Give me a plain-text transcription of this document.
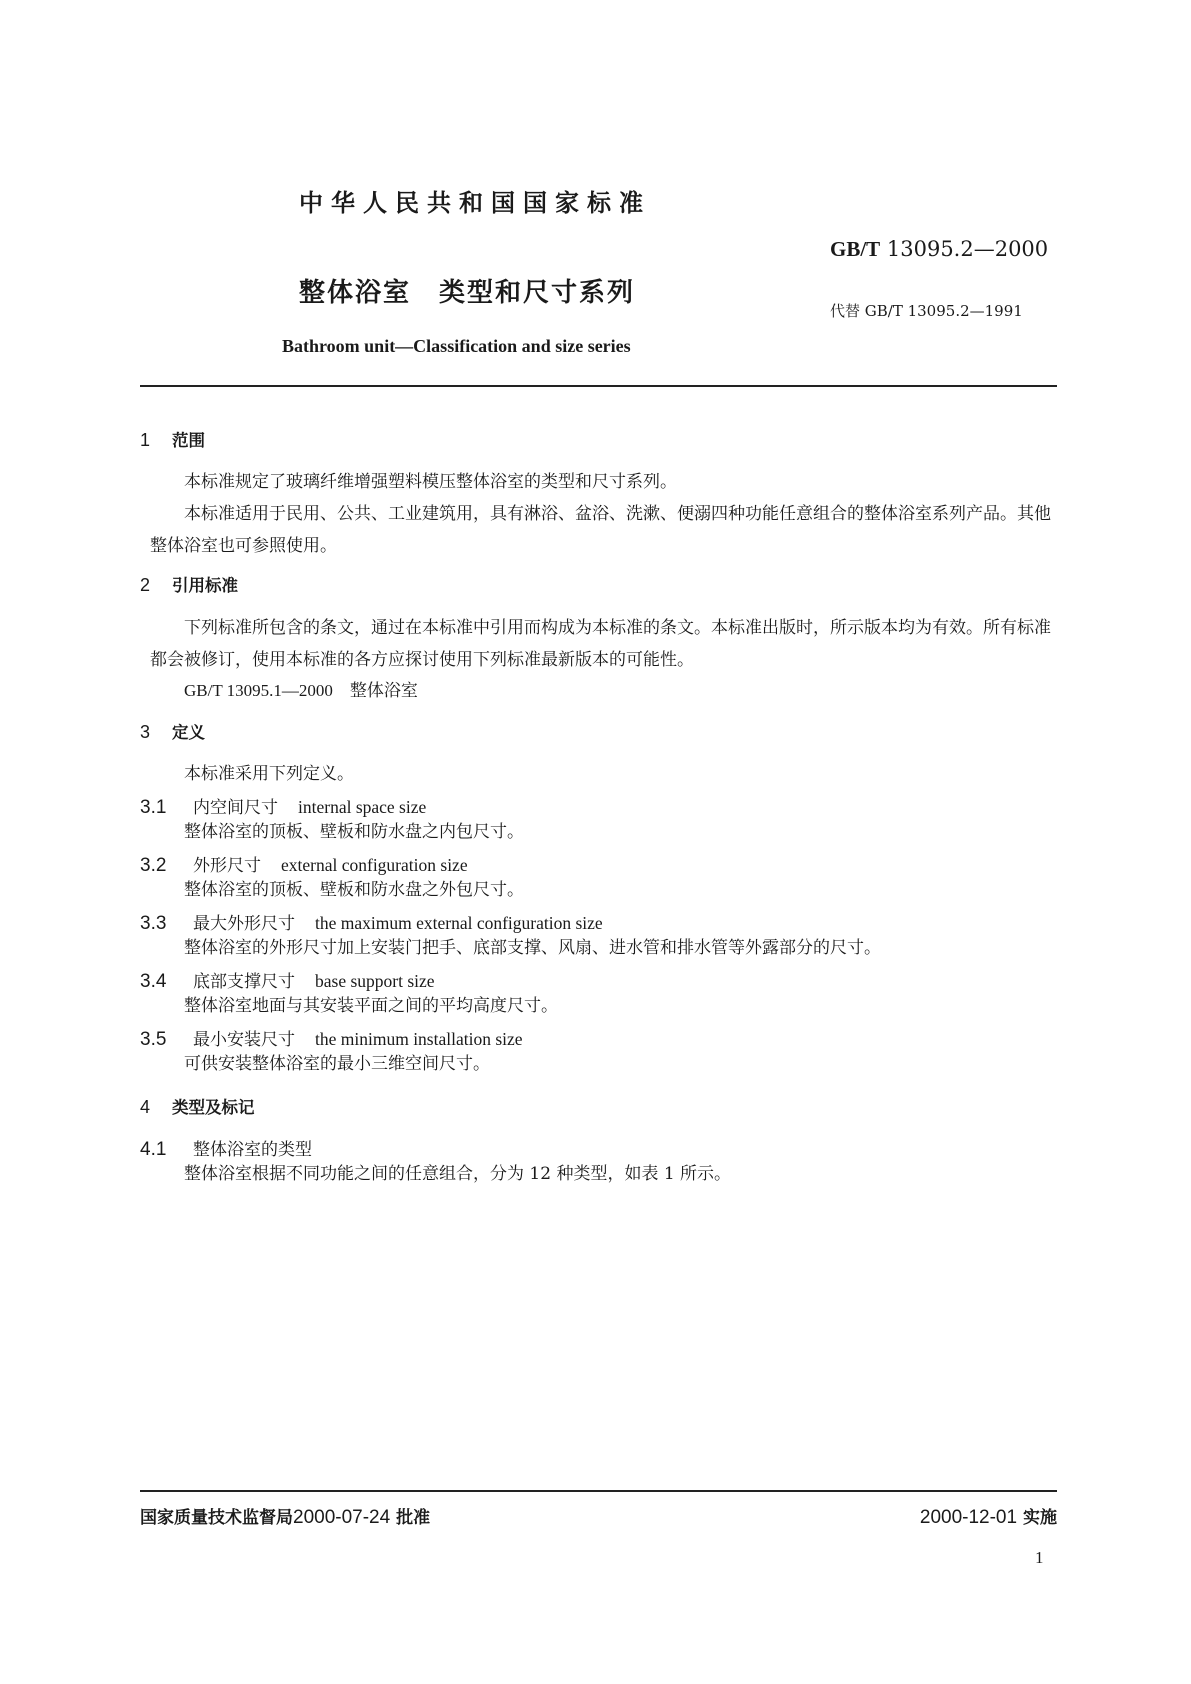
中华人民共和国国家标准
GB/T 13095.2—2000
整体浴室　类型和尺寸系列
代替 GB/T 13095.2—1991
Bathroom unit—Classification and size series
1 范围
本标准规定了玻璃纤维增强塑料模压整体浴室的类型和尺寸系列。
本标准适用于民用、公共、工业建筑用，具有淋浴、盆浴、洗漱、便溺四种功能任意组合的整体浴室系列产品。其他整体浴室也可参照使用。
2 引用标准
下列标准所包含的条文，通过在本标准中引用而构成为本标准的条文。本标准出版时，所示版本均为有效。所有标准都会被修订，使用本标准的各方应探讨使用下列标准最新版本的可能性。
GB/T 13095.1—2000　 整体浴室
3 定义
本标准采用下列定义。
3.1 内空间尺寸 internal space size
整体浴室的顶板、壁板和防水盘之内包尺寸。
3.2 外形尺寸 external configuration size
整体浴室的顶板、壁板和防水盘之外包尺寸。
3.3 最大外形尺寸 the maximum external configuration size
整体浴室的外形尺寸加上安装门把手、底部支撑、风扇、进水管和排水管等外露部分的尺寸。
3.4 底部支撑尺寸 base support size
整体浴室地面与其安装平面之间的平均高度尺寸。
3.5 最小安装尺寸 the minimum installation size
可供安装整体浴室的最小三维空间尺寸。
4 类型及标记
4.1 整体浴室的类型
整体浴室根据不同功能之间的任意组合，分为 12 种类型，如表 1 所示。
国家质量技术监督局2000-07-24 批准	2000-12-01 实施
1
